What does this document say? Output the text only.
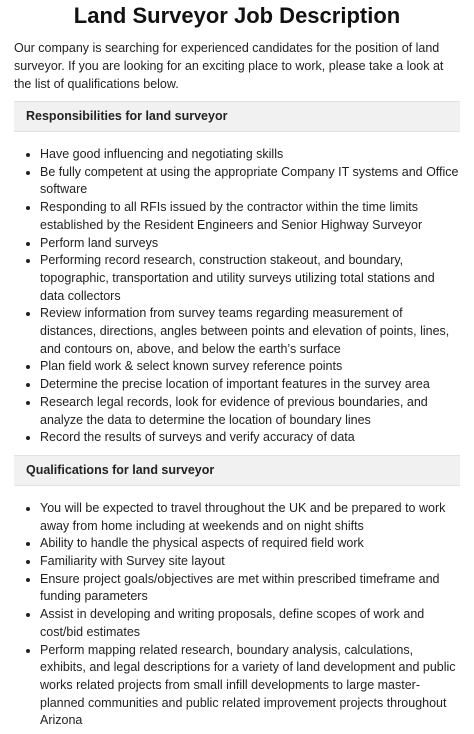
Land Surveyor Job Description

Our company is searching for experienced candidates for the position of land surveyor. If you are looking for an exciting place to work, please take a look at the list of qualifications below.

Responsibilities for land surveyor
• Have good influencing and negotiating skills
• Be fully competent at using the appropriate Company IT systems and Office software
• Responding to all RFIs issued by the contractor within the time limits established by the Resident Engineers and Senior Highway Surveyor
• Perform land surveys
• Performing record research, construction stakeout, and boundary, topographic, transportation and utility surveys utilizing total stations and data collectors
• Review information from survey teams regarding measurement of distances, directions, angles between points and elevation of points, lines, and contours on, above, and below the earth’s surface
• Plan field work & select known survey reference points
• Determine the precise location of important features in the survey area
• Research legal records, look for evidence of previous boundaries, and analyze the data to determine the location of boundary lines
• Record the results of surveys and verify accuracy of data
Qualifications for land surveyor
• You will be expected to travel throughout the UK and be prepared to work away from home including at weekends and on night shifts
• Ability to handle the physical aspects of required field work
• Familiarity with Survey site layout
• Ensure project goals/objectives are met within prescribed timeframe and funding parameters
• Assist in developing and writing proposals, define scopes of work and cost/bid estimates
• Perform mapping related research, boundary analysis, calculations, exhibits, and legal descriptions for a variety of land development and public works related projects from small infill developments to large master-planned communities and public related improvement projects throughout Arizona
